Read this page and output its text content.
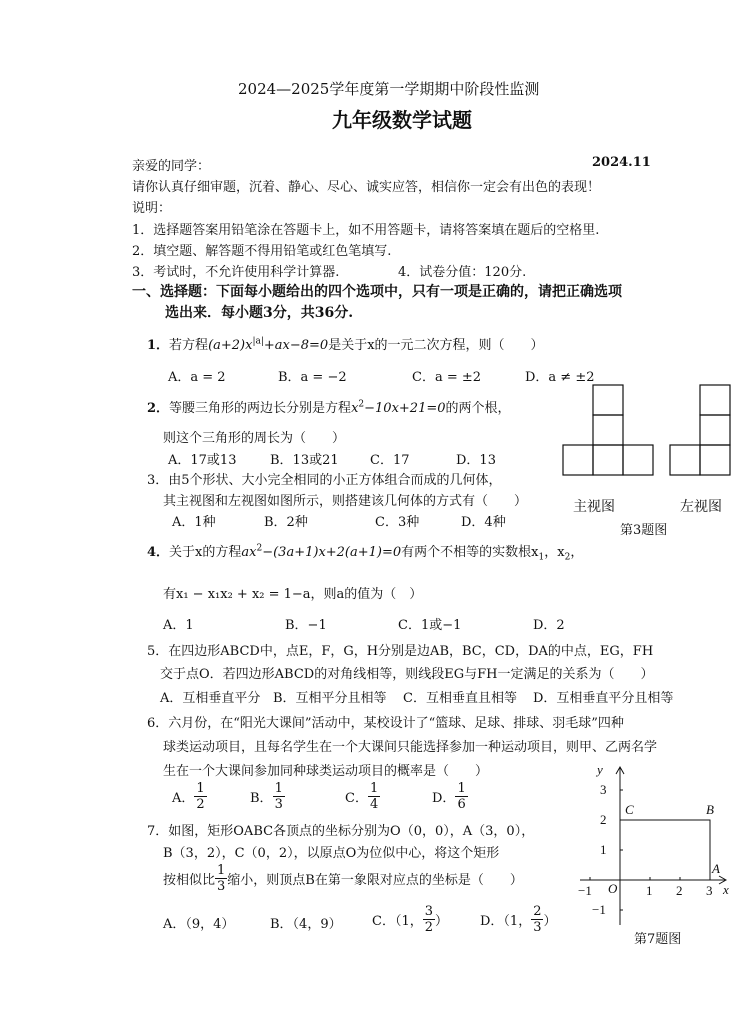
2024—2025学年度第一学期期中阶段性监测
九年级数学试题
亲爱的同学：	2024.11
请你认真仔细审题，沉着、静心、尽心、诚实应答，相信你一定会有出色的表现！
说明：
1．选择题答案用铅笔涂在答题卡上，如不用答题卡，请将答案填在题后的空格里.
2．填空题、解答题不得用铅笔或红色笔填写.
3．考试时，不允许使用科学计算器.	4．试卷分值：120分.
一、选择题：下面每小题给出的四个选项中，只有一项是正确的，请把正确选项
选出来．每小题3分，共36分.
1．若方程$(a+2)x^{|a|}+ax-8=0$是关于x的一元二次方程，则（　　）
A．a = 2	B．a = −2	C．a = ±2	D．a ≠ ±2
2．等腰三角形的两边长分别是方程$x^2-10x+21=0$的两个根，
则这个三角形的周长为（　　）
A．17或13	B．13或21 C．17	D．13
3．由5个形状、大小完全相同的小正方体组合而成的几何体，
其主视图和左视图如图所示，则搭建该几何体的方式有（　　）
A．1种	B．2种	C．3种	D．4种
主视图	左视图
第3题图
4．关于x的方程$ax^2-(3a+1)x+2(a+1)=0$有两个不相等的实数根$x_1$，$x_2$，
有x₁ − x₁x₂ + x₂ = 1−a，则a的值为（　）
A．1	B．−1	C．1或−1	D．2
5．在四边形ABCD中，点E，F，G，H分别是边AB，BC，CD，DA的中点，EG，FH
交于点O．若四边形ABCD的对角线相等，则线段EG与FH一定满足的关系为（　　）
A．互相垂直平分 B．互相平分且相等 C．互相垂直且相等 D．互相垂直平分且相等
6．六月份，在“阳光大课间”活动中，某校设计了“篮球、足球、排球、羽毛球”四种
球类运动项目，且每名学生在一个大课间只能选择参加一种运动项目，则甲、乙两名学
生在一个大课间参加同种球类运动项目的概率是（　　）
A． $\frac{1}{2}$	B． $\frac{1}{3}$	C． $\frac{1}{4}$	D． $\frac{1}{6}$
7．如图，矩形OABC各顶点的坐标分别为O（0，0），A（3，0），
B（3，2），C（0，2），以原点O为位似中心，将这个矩形
按相似比 $\frac{1}{3}$ 缩小，则顶点B在第一象限对应点的坐标是（　　）
A．（9，4）	B．（4，9） C．（1， $\frac{3}{2}$ ） D．（1， $\frac{2}{3}$ ）
y
x
O
−1	1 2 3
3
2
1
−1
C	B
A
第7题图
